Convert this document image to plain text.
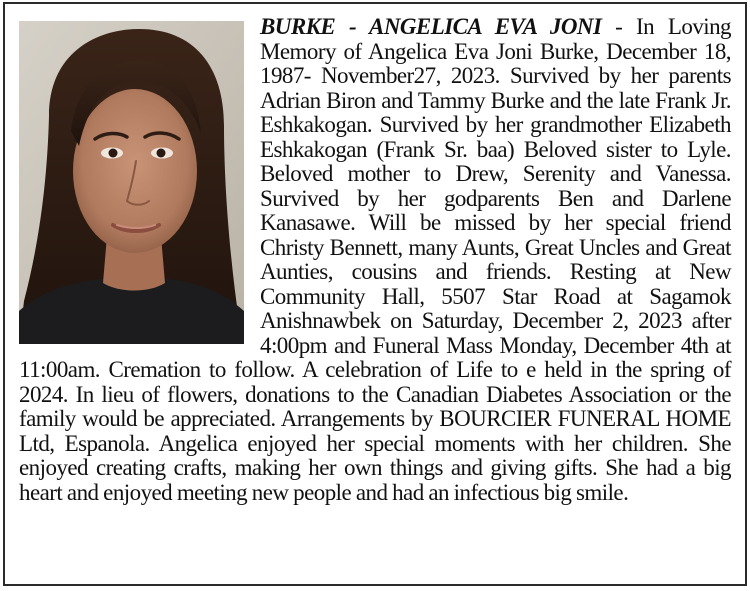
BURKE - ANGELICA EVA JONI - In Loving Memory of Angelica Eva Joni Burke, December 18, 1987- November27, 2023. Survived by her parents Adrian Biron and Tammy Burke and the late Frank Jr. Eshkakogan. Survived by her grandmother Elizabeth Eshkakogan (Frank Sr. baa) Beloved sister to Lyle. Beloved mother to Drew, Serenity and Vanessa. Survived by her godparents Ben and Darlene Kanasawe. Will be missed by her special friend Christy Bennett, many Aunts, Great Uncles and Great Aunties, cousins and friends. Resting at New Community Hall, 5507 Star Road at Sagamok Anishnawbek on Saturday, December 2, 2023 after 4:00pm and Funeral Mass Monday, December 4th at 11:00am. Cremation to follow. A celebration of Life to e held in the spring of 2024. In lieu of flowers, donations to the Canadian Diabetes Association or the family would be appreciated. Arrangements by BOURCIER FUNERAL HOME Ltd, Espanola. Angelica enjoyed her special moments with her children. She enjoyed creating crafts, making her own things and giving gifts. She had a big heart and enjoyed meeting new people and had an infectious big smile.
